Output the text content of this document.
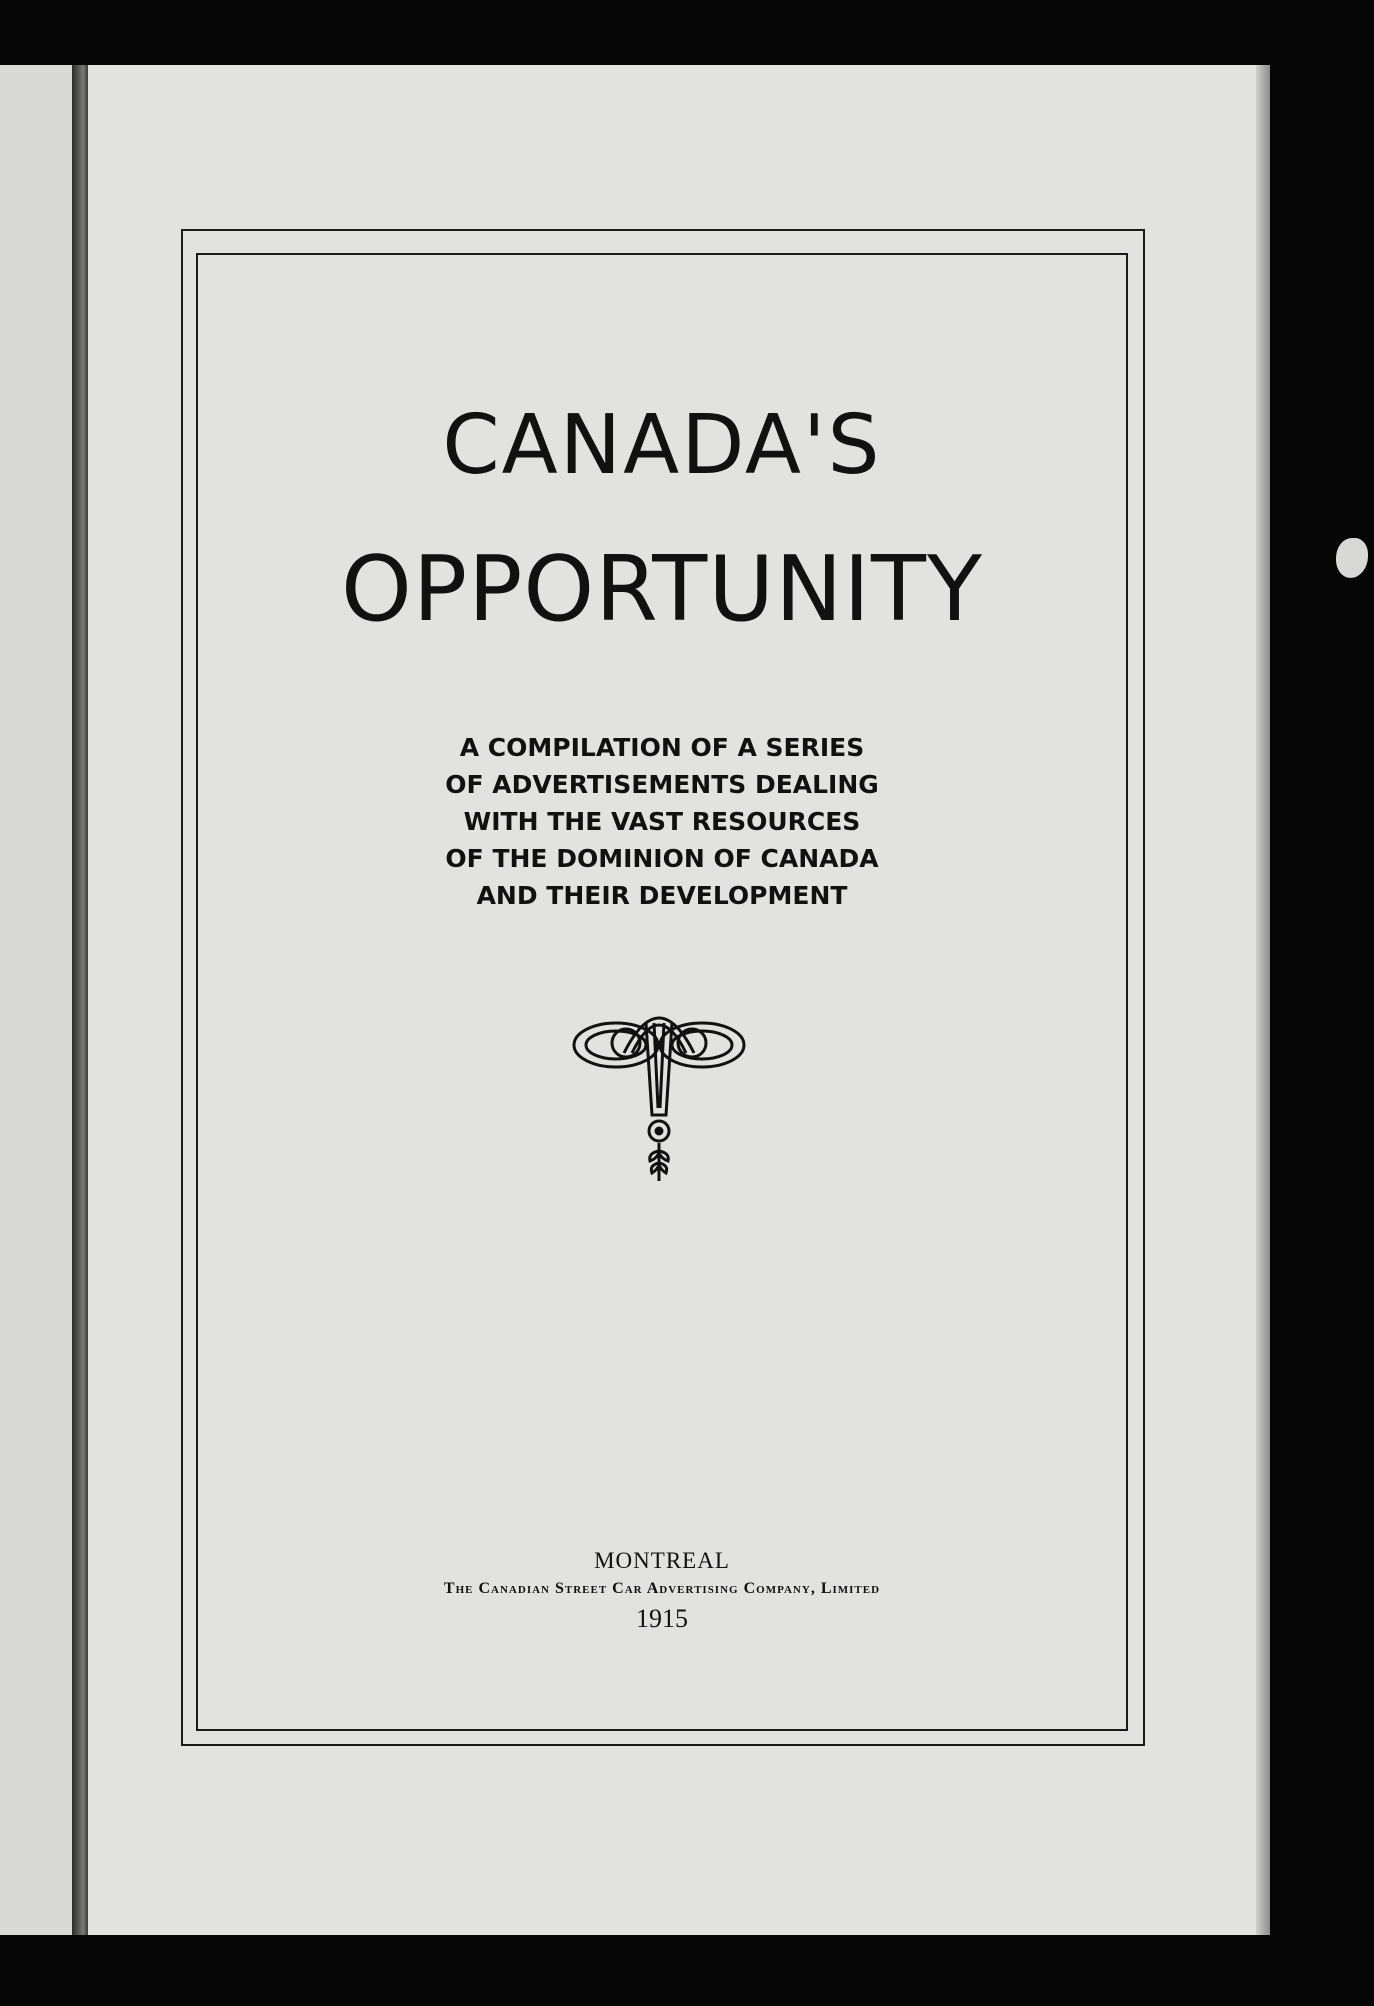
CANADA'S
OPPORTUNITY
A COMPILATION OF A SERIES
OF ADVERTISEMENTS DEALING
WITH THE VAST RESOURCES
OF THE DOMINION OF CANADA
AND THEIR DEVELOPMENT
MONTREAL
The Canadian Street Car Advertising Company, Limited
1915
